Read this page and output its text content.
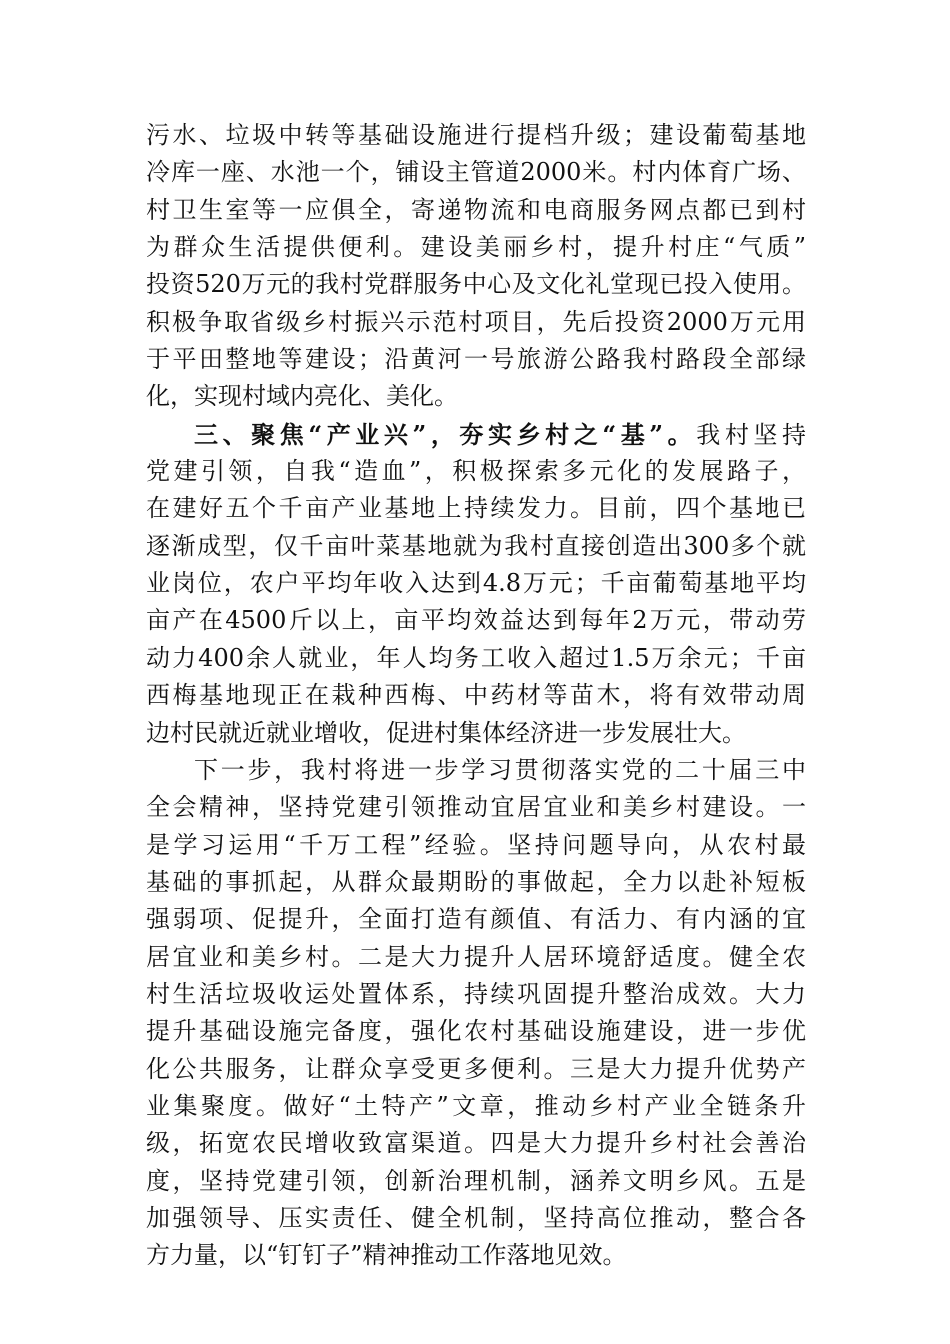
污水、垃圾中转等基础设施进行提档升级；建设葡萄基地
冷库一座、水池一个，铺设主管道2000米。村内体育广场、
村卫生室等一应俱全，寄递物流和电商服务网点都已到村
为群众生活提供便利。建设美丽乡村，提升村庄“气质”
投资520万元的我村党群服务中心及文化礼堂现已投入使用。
积极争取省级乡村振兴示范村项目，先后投资2000万元用
于平田整地等建设；沿黄河一号旅游公路我村路段全部绿
化，实现村域内亮化、美化。
三、聚焦“产业兴”，夯实乡村之“基”。我村坚持
党建引领，自我“造血”，积极探索多元化的发展路子，
在建好五个千亩产业基地上持续发力。目前，四个基地已
逐渐成型，仅千亩叶菜基地就为我村直接创造出300多个就
业岗位，农户平均年收入达到4.8万元；千亩葡萄基地平均
亩产在4500斤以上，亩平均效益达到每年2万元，带动劳
动力400余人就业，年人均务工收入超过1.5万余元；千亩
西梅基地现正在栽种西梅、中药材等苗木，将有效带动周
边村民就近就业增收，促进村集体经济进一步发展壮大。
下一步，我村将进一步学习贯彻落实党的二十届三中
全会精神，坚持党建引领推动宜居宜业和美乡村建设。一
是学习运用“千万工程”经验。坚持问题导向，从农村最
基础的事抓起，从群众最期盼的事做起，全力以赴补短板
强弱项、促提升，全面打造有颜值、有活力、有内涵的宜
居宜业和美乡村。二是大力提升人居环境舒适度。健全农
村生活垃圾收运处置体系，持续巩固提升整治成效。大力
提升基础设施完备度，强化农村基础设施建设，进一步优
化公共服务，让群众享受更多便利。三是大力提升优势产
业集聚度。做好“土特产”文章，推动乡村产业全链条升
级，拓宽农民增收致富渠道。四是大力提升乡村社会善治
度，坚持党建引领，创新治理机制，涵养文明乡风。五是
加强领导、压实责任、健全机制，坚持高位推动，整合各
方力量，以“钉钉子”精神推动工作落地见效。
